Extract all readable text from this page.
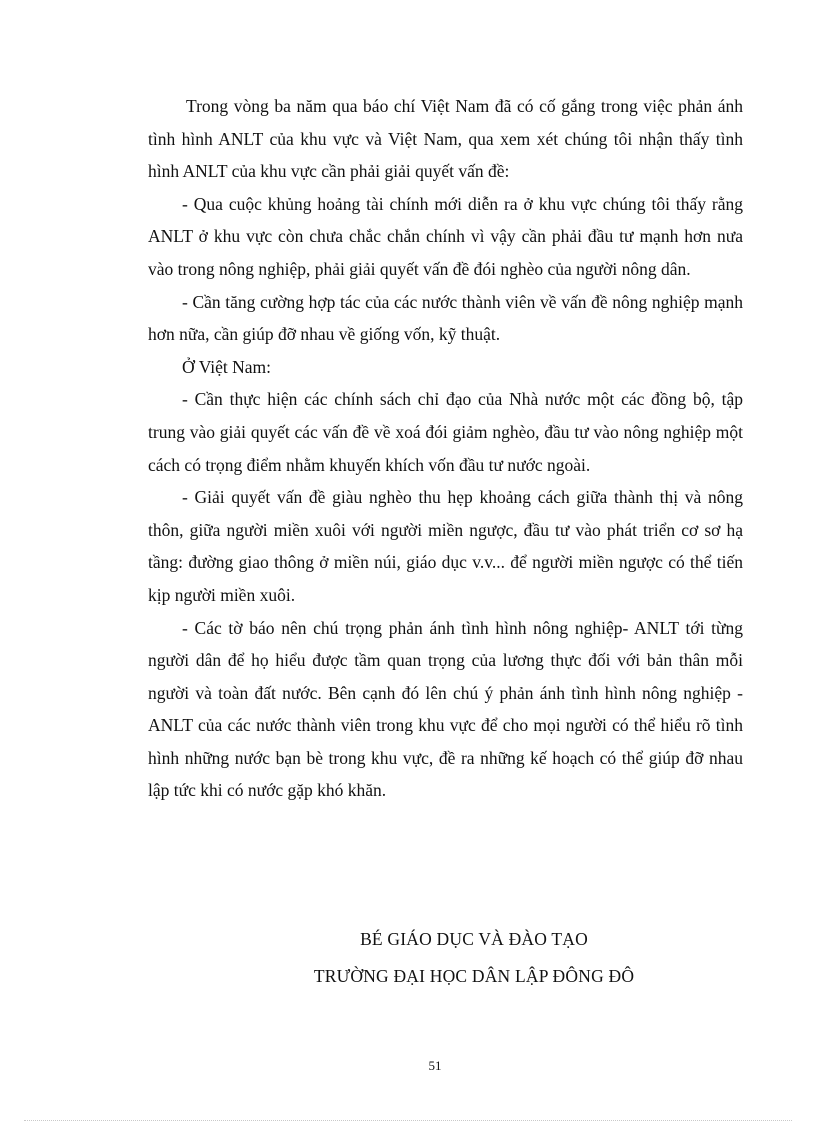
Trong vòng ba năm qua báo chí Việt Nam đã có cố gắng trong việc phản ánh tình hình ANLT của khu vực và Việt Nam, qua xem xét chúng tôi nhận thấy tình hình ANLT của khu vực cần phải giải quyết vấn đề:

- Qua cuộc khủng hoảng tài chính mới diễn ra ở khu vực chúng tôi thấy rằng ANLT ở khu vực còn chưa chắc chắn chính vì vậy cần phải đầu tư mạnh hơn nưa vào trong nông nghiệp, phải giải quyết vấn đề đói nghèo của người nông dân.

- Cần tăng cường hợp tác của các nước thành viên về vấn đề nông nghiệp mạnh hơn nữa, cần giúp đỡ nhau về giống vốn, kỹ thuật.

Ở Việt Nam:

- Cần thực hiện các chính sách chỉ đạo của Nhà nước một các đồng bộ, tập trung vào giải quyết các vấn đề về xoá đói giảm nghèo, đầu tư vào nông nghiệp một cách có trọng điểm nhằm khuyến khích vốn đầu tư nước ngoài.

- Giải quyết vấn đề giàu nghèo thu hẹp khoảng cách giữa thành thị và nông thôn, giữa người miền xuôi với người miền ngược, đầu tư vào phát triển cơ sơ hạ tầng: đường giao thông ở miền núi, giáo dục v.v... để người miền ngược có thể tiến kịp người miền xuôi.

- Các tờ báo nên chú trọng phản ánh tình hình nông nghiệp- ANLT tới từng người dân để họ hiểu được tầm quan trọng của lương thực đối với bản thân mỗi người và toàn đất nước. Bên cạnh đó lên chú ý phản ánh tình hình nông nghiệp - ANLT của các nước thành viên trong khu vực để cho mọi người có thể hiểu rõ tình hình những nước bạn bè trong khu vực, đề ra những kế hoạch có thể giúp đỡ nhau lập tức khi có nước gặp khó khăn.

BÉ GIÁO DỤC VÀ ĐÀO TẠO
TRƯỜNG ĐẠI HỌC DÂN LẬP ĐÔNG ĐÔ
51
